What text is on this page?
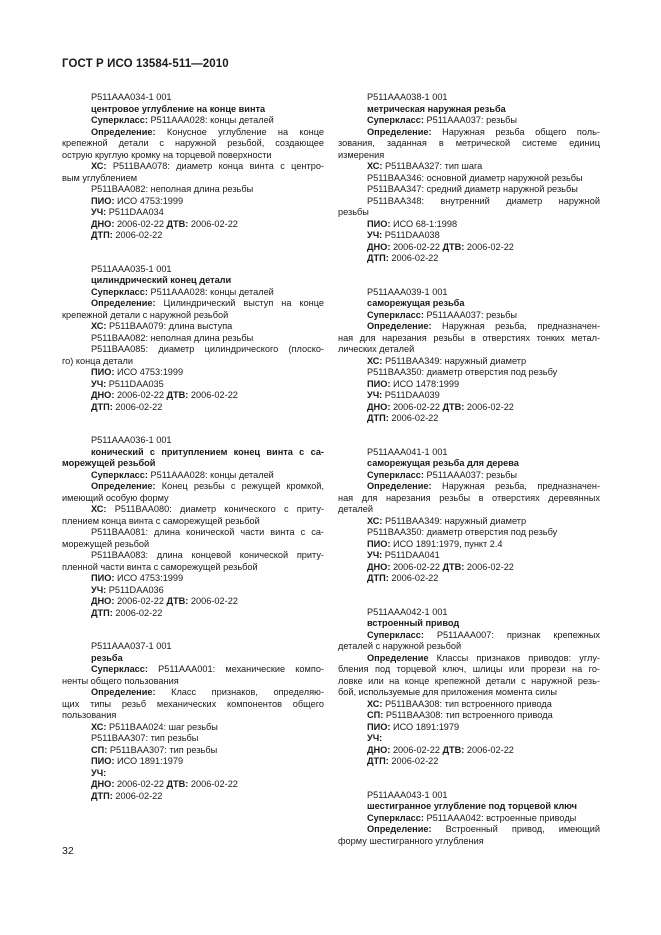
ГОСТ Р ИСО 13584-511—2010
P511AAA034-1 001
центровое углубление на конце винта
Суперкласс: P511AAA028: концы деталей
Определение: Конусное углубление на конце
крепежной детали с наружной резьбой, создающее
острую круглую кромку на торцевой поверхности
ХС: P511BAA078: диаметр конца винта с центро-
вым углублением
P511BAA082: неполная длина резьбы
ПИО: ИСО 4753:1999
УЧ: P511DAA034
ДНО: 2006-02-22 ДТВ: 2006-02-22
ДТП: 2006-02-22
P511AAA035-1 001
цилиндрический конец детали
Суперкласс: P511AAA028: концы деталей
Определение: Цилиндрический выступ на конце
крепежной детали с наружной резьбой
ХС: P511BAA079: длина выступа
P511BAA082: неполная длина резьбы
P511BAA085: диаметр цилиндрического (плоско-
го) конца детали
ПИО: ИСО 4753:1999
УЧ: P511DAA035
ДНО: 2006-02-22 ДТВ: 2006-02-22
ДТП: 2006-02-22
P511AAA036-1 001
конический с притуплением конец винта с са-
морежущей резьбой
Суперкласс: P511AAA028: концы деталей
Определение: Конец резьбы с режущей кромкой,
имеющий особую форму
ХС: P511BAA080: диаметр конического с приту-
плением конца винта с саморежущей резьбой
P511BAA081: длина конической части винта с са-
морежущей резьбой
P511BAA083: длина концевой конической приту-
пленной части винта с саморежущей резьбой
ПИО: ИСО 4753:1999
УЧ: P511DAA036
ДНО: 2006-02-22 ДТВ: 2006-02-22
ДТП: 2006-02-22
P511AAA037-1 001
резьба
Суперкласс: P511AAA001: механические компо-
ненты общего пользования
Определение: Класс признаков, определяю-
щих типы резьб механических компонентов общего
пользования
ХС: P511BAA024: шаг резьбы
P511BAA307: тип резьбы
СП: P511BAA307: тип резьбы
ПИО: ИСО 1891:1979
УЧ:
ДНО: 2006-02-22 ДТВ: 2006-02-22
ДТП: 2006-02-22
P511AAA038-1 001
метрическая наружная резьба
Суперкласс: P511AAA037: резьбы
Определение: Наружная резьба общего поль-
зования, заданная в метрической системе единиц
измерения
ХС: P511BAA327: тип шага
P511BAA346: основной диаметр наружной резьбы
P511BAA347: средний диаметр наружной резьбы
P511BAA348: внутренний диаметр наружной
резьбы
ПИО: ИСО 68-1:1998
УЧ: P511DAA038
ДНО: 2006-02-22 ДТВ: 2006-02-22
ДТП: 2006-02-22
P511AAA039-1 001
саморежущая резьба
Суперкласс: P511AAA037: резьбы
Определение: Наружная резьба, предназначен-
ная для нарезания резьбы в отверстиях тонких метал-
лических деталей
ХС: P511BAA349: наружный диаметр
P511BAA350: диаметр отверстия под резьбу
ПИО: ИСО 1478:1999
УЧ: P511DAA039
ДНО: 2006-02-22 ДТВ: 2006-02-22
ДТП: 2006-02-22
P511AAA041-1 001
саморежущая резьба для дерева
Суперкласс: P511AAA037: резьбы
Определение: Наружная резьба, предназначен-
ная для нарезания резьбы в отверстиях деревянных
деталей
ХС: P511BAA349: наружный диаметр
P511BAA350: диаметр отверстия под резьбу
ПИО: ИСО 1891:1979, пункт 2.4
УЧ: P511DAA041
ДНО: 2006-02-22 ДТВ: 2006-02-22
ДТП: 2006-02-22
P511AAA042-1 001
встроенный привод
Суперкласс: P511AAA007: признак крепежных
деталей с наружной резьбой
Определение Классы признаков приводов: углу-
бления под торцевой ключ, шлицы или прорези на го-
ловке или на конце крепежной детали с наружной резь-
бой, используемые для приложения момента силы
ХС: P511BAA308: тип встроенного привода
СП: P511BAA308: тип встроенного привода
ПИО: ИСО 1891:1979
УЧ:
ДНО: 2006-02-22 ДТВ: 2006-02-22
ДТП: 2006-02-22
P511AAA043-1 001
шестигранное углубление под торцевой ключ
Суперкласс: P511AAA042: встроенные приводы
Определение: Встроенный привод, имеющий
форму шестигранного углубления
32
